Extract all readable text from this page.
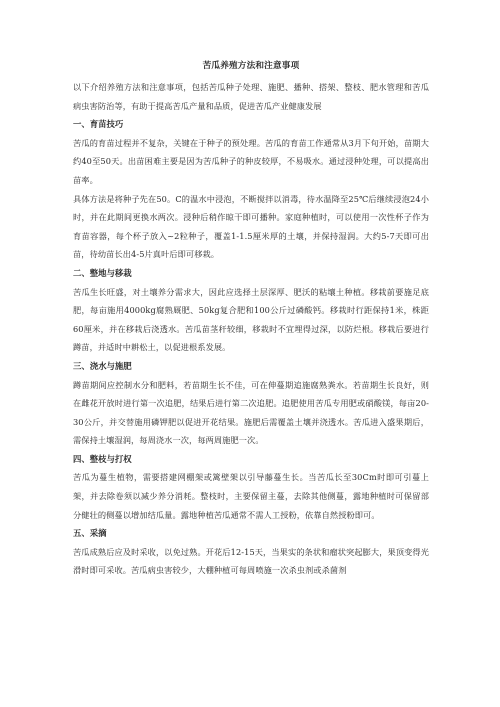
苦瓜养殖方法和注意事项

以下介绍养殖方法和注意事项，包括苦瓜种子处理、施肥、播种、搭架、整枝、肥水管理和苦瓜病虫害防治等，有助于提高苦瓜产量和品质，促进苦瓜产业健康发展

一、育苗技巧

苦瓜的育苗过程并不复杂，关键在于种子的预处理。苦瓜的育苗工作通常从3月下旬开始，苗期大约40至50天。出苗困难主要是因为苦瓜种子的种皮较厚，不易吸水。通过浸种处理，可以提高出苗率。

具体方法是将种子先在50。C的温水中浸泡，不断搅拌以消毒，待水温降至25℃后继续浸泡24小时，并在此期间更换水两次。浸种后稍作晾干即可播种。家庭种植时，可以使用一次性杯子作为育苗容器，每个杯子放入~2粒种子，覆盖1-1.5厘米厚的土壤，并保持湿润。大约5-7天即可出苗，待幼苗长出4-5片真叶后即可移栽。

二、整地与移栽

苦瓜生长旺盛，对土壤养分需求大，因此应选择土层深厚、肥沃的粘壤土种植。移栽前要施足底肥，每亩施用4000kg腐熟厩肥、50kg复合肥和100公斤过磷酸钙。移栽时行距保持1米，株距60厘米，并在移栽后浇透水。苦瓜苗茎秆较细，移栽时不宜埋得过深，以防烂根。移栽后要进行蹲苗，并适时中耕松土，以促进根系发展。

三、浇水与施肥

蹲苗期间应控制水分和肥料，若苗期生长不佳，可在伸蔓期追施腐熟粪水。若苗期生长良好，则在雌花开放时进行第一次追肥，结果后进行第二次追肥。追肥使用苦瓜专用肥或硝酸镁，每亩20-30公斤，并交替施用磷钾肥以促进开花结果。施肥后需覆盖土壤并浇透水。苦瓜进入盛果期后，需保持土壤湿润，每周浇水一次，每两周施肥一次。

四、整枝与打权

苦瓜为蔓生植物，需要搭建网棚架或篱壁架以引导藤蔓生长。当苦瓜长至30Cm时即可引蔓上架，并去除卷须以减少养分消耗。整枝时，主要保留主蔓，去除其他侧蔓，露地种植时可保留部分健壮的侧蔓以增加结瓜量。露地种植苦瓜通常不需人工授粉，依靠自然授粉即可。

五、采摘

苦瓜成熟后应及时采收，以免过熟。开花后12-15天，当果实的条状和瘤状突起膨大，果顶变得光滑时即可采收。苦瓜病虫害较少，大棚种植可每周喷施一次杀虫剂或杀菌剂
